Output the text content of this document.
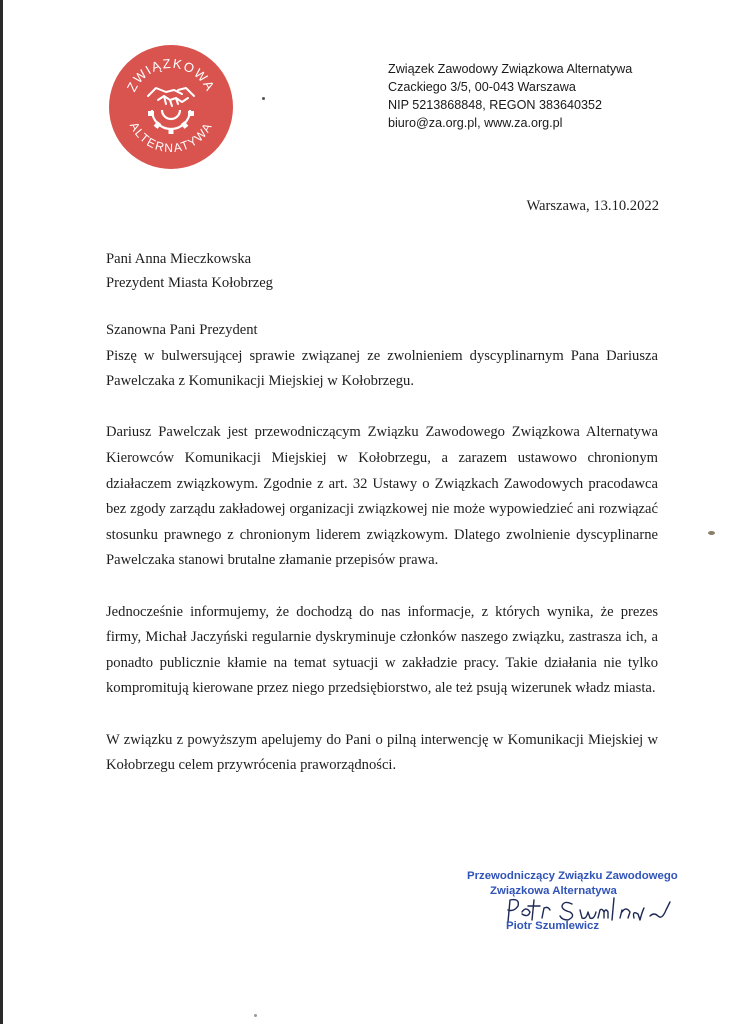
ZWIĄZKOWA
ALTERNATYWA
Związek Zawodowy Związkowa Alternatywa
Czackiego 3/5, 00-043 Warszawa
NIP 5213868848, REGON 383640352
biuro@za.org.pl, www.za.org.pl
Warszawa, 13.10.2022
Pani Anna Mieczkowska
Prezydent Miasta Kołobrzeg

Szanowna Pani Prezydent

Piszę w bulwersującej sprawie związanej ze zwolnieniem dyscyplinarnym Pana Dariusza Pawelczaka z Komunikacji Miejskiej w Kołobrzegu.

Dariusz Pawelczak jest przewodniczącym Związku Zawodowego Związkowa Alternatywa Kierowców Komunikacji Miejskiej w Kołobrzegu, a zarazem ustawowo chronionym działaczem związkowym. Zgodnie z art. 32 Ustawy o Związkach Zawodowych pracodawca bez zgody zarządu zakładowej organizacji związkowej nie może wypowiedzieć ani rozwiązać stosunku prawnego z chronionym liderem związkowym. Dlatego zwolnienie dyscyplinarne Pawelczaka stanowi brutalne złamanie przepisów prawa.

Jednocześnie informujemy, że dochodzą do nas informacje, z których wynika, że prezes firmy, Michał Jaczyński regularnie dyskryminuje członków naszego związku, zastrasza ich, a ponadto publicznie kłamie na temat sytuacji w zakładzie pracy. Takie działania nie tylko kompromitują kierowane przez niego przedsiębiorstwo, ale też psują wizerunek władz miasta.

W związku z powyższym apelujemy do Pani o pilną interwencję w Komunikacji Miejskiej w Kołobrzegu celem przywrócenia praworządności.

Przewodniczący Związku Zawodowego
Związkowa Alternatywa
Piotr Szumlewicz
